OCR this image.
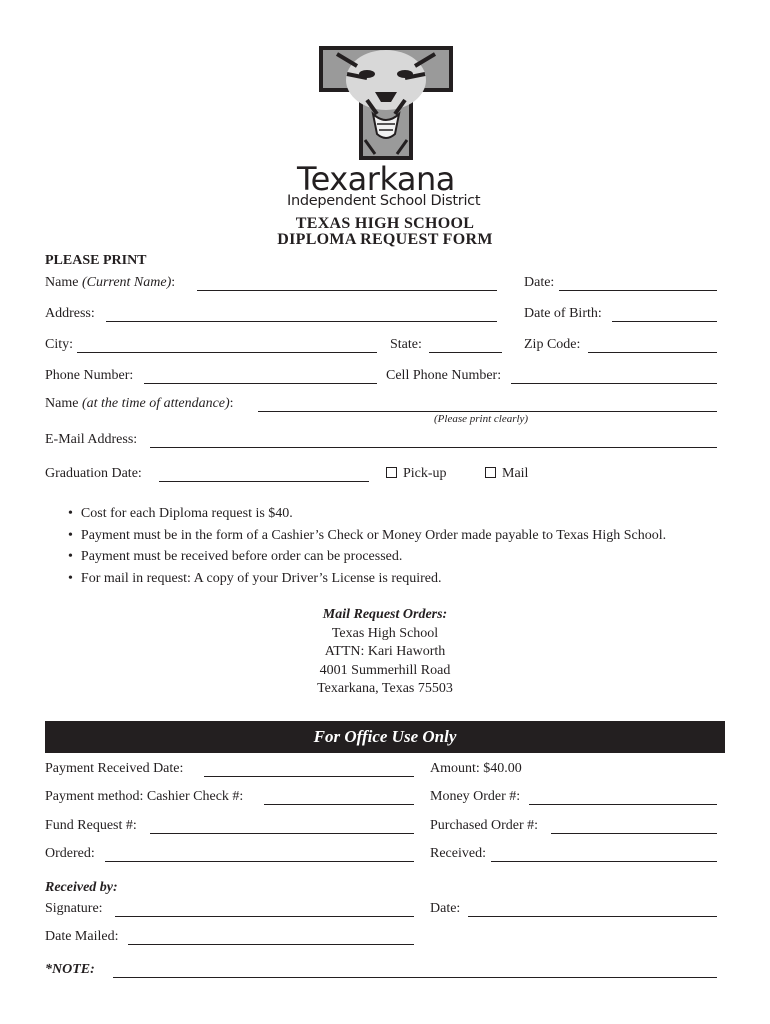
Texarkana
Independent School District
TEXAS HIGH SCHOOL
DIPLOMA REQUEST FORM
PLEASE PRINT
Name (Current Name):	Date:
Address:	Date of Birth:
City:	State:	Zip Code:
Phone Number:	Cell Phone Number:
Name (at the time of attendance):
(Please print clearly)
E-Mail Address:
Graduation Date:	Pick-up	Mail
• Cost for each Diploma request is $40.
• Payment must be in the form of a Cashier’s Check or Money Order made payable to Texas High School.
• Payment must be received before order can be processed.
• For mail in request: A copy of your Driver’s License is required.
Mail Request Orders:
Texas High School
ATTN: Kari Haworth
4001 Summerhill Road
Texarkana, Texas 75503
For Office Use Only
Payment Received Date:	Amount: $40.00
Payment method: Cashier Check #:	Money Order #:
Fund Request #:	Purchased Order #:
Ordered:	Received:
Received by:
Signature:	Date:
Date Mailed:
*NOTE:
